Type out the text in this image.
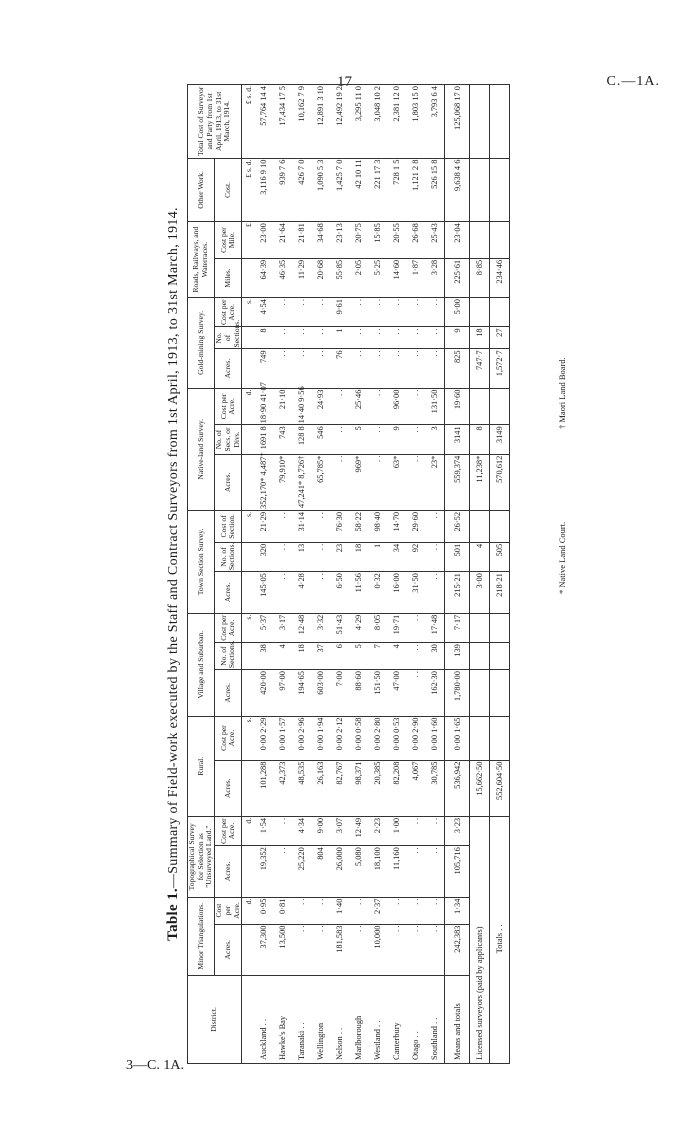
17	C.—1A.
3—C. 1A.
Table 1.—Summary of Field-work executed by the Staff and Contract Surveyors from 1st April, 1913, to 31st March, 1914.
District.	Minor Triangulations.		Topographical Survey for Selection as "Unsurveyed Land."		Rural.		Village and Suburban.			Town Section Survey.			Native-land Survey.			Gold-mining Survey.			Roads, Railways, and Waterraces.		Other Work.	Total Cost of Surveyor and Party from 1st April, 1913, to 31st March, 1914.
	Acres.	Cost per Acre.	Acres.	Cost per Acre.	Acres.	Cost per Acre.	Acres.	No. of Sections.	Cost per Acre.	Acres.	No. of Sections.	Cost of Section.	Acres.	No. of Secs. or Divs.	Cost per Acre.	Acres.	No. of Sections.	Cost per Acre.	Miles.	Cost per Mile.	Cost.	
		d.		d.		s.			s.			s.			d.			s.		£	£ s. d.	£ s. d.
Auckland . .	37,300	0·95	19,352	1·54	101,288	0·00 2·29	420·00	38	5·37	145·05	320	21·29	352,170* 4,487†	1691 8	18·90 41·07	749	8	4·54	64·39	23·00	3,116 9 10	57,764 14 4
Hawke's Bay	13,500	0·81	. .	. .	42,373	0·00 1·57	97·00	4	3·17	. .	. .	. .	79,910*	743	21·10	. .	. .	. .	46·35	21·64	939 7 6	17,434 17 5
Taranaki . .	. .	. .	25,220	4·34	48,535	0·00 2·96	194·65	18	12·48	4·28	13	31·14	47,241* 8,726†	128 8	14·40 9·56	. .	. .	. .	11·29	21·81	426 7 0	10,162 7 9
Wellington	. .	. .	804	9·00	26,163	0·00 1·94	603·00	37	3·32	. .	. .	. .	65,785*	546	24·93	. .	. .	. .	20·68	34·68	1,090 5 3	12,891 3 10
Nelson . .	181,583	1·40	26,000	3·07	82,767	0·00 2·12	7·00	6	51·43	6·50	23	76·30	. .	. .	. .	76	1	9·61	55·85	23·13	1,425 7 0	12,492 19 2
Marlborough	. .	. .	5,080	12·49	98,371	0·00 0·58	88·60	5	4·29	11·56	18	58·22	969*	5	25·46	. .	. .	. .	2·05	20·75	42 10 11	3,295 11 0
Westland . .	10,000	2·37	18,100	2·23	20,385	0·00 2·80	151·50	7	8·05	0·32	1	98·40	. .	. .	. .	. .	. .	. .	5·25	15·85	221 17 3	3,048 10 2
Canterbury	. .	. .	11,160	1·00	82,208	0·00 0·53	47·00	4	19·71	16·00	34	14·70	63*	9	96·00	. .	. .	. .	14·60	20·55	728 1 5	2,381 12 0
Otago . .	. .	. .	. .	. .	4,067	0·00 2·90	. .	. .	. .	31·50	92	29·60	. .	. .	. .	. .	. .	. .	1·87	26·68	1,121 2 8	1,803 15 0
Southland . .	. .	. .	. .	. .	30,785	0·00 1·60	162·30	30	17·48	. .	. .	. .	23*	3	131·50	. .	. .	. .	3·28	25·43	526 15 8	3,793 6 4
Means and totals	242,383	1·34	105,716	3·23	536,942	0·00 1·65	1,780·00	139	7·17	215·21	501	26·52	559,374	3141	19·60	825	9	5·00	225·61	23·04	9,638 4 6	125,068 17 0
Licensed surveyors (paid by applicants)					15,662·50					3·00	4		11,238*	8		747·7	18		8·85			
Totals . .					552,604·50					218·21	505		570,612	3149		1,572·7	27		234·46			
* Native Land Court.
† Maori Land Board.
